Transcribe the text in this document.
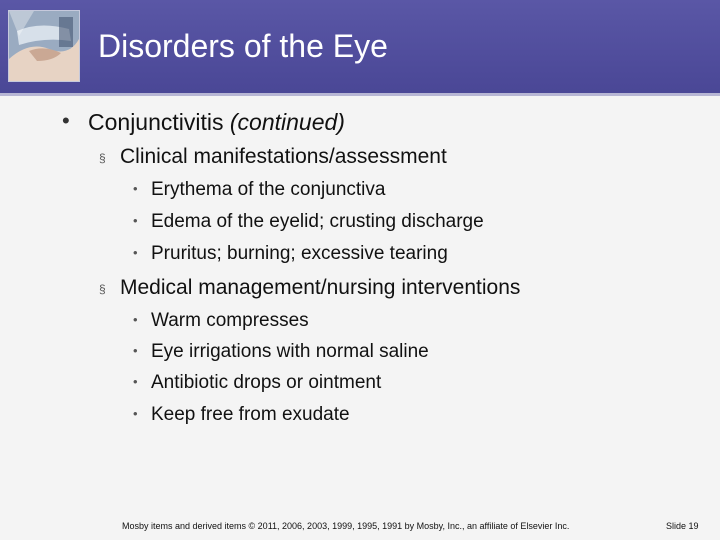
Disorders of the Eye
• Conjunctivitis (continued)
§ Clinical manifestations/assessment
• Erythema of the conjunctiva
• Edema of the eyelid; crusting discharge
• Pruritus; burning; excessive tearing
§ Medical management/nursing interventions
• Warm compresses
• Eye irrigations with normal saline
• Antibiotic drops or ointment
• Keep free from exudate
Mosby items and derived items © 2011, 2006, 2003, 1999, 1995, 1991 by Mosby, Inc., an affiliate of Elsevier Inc.	Slide 19
